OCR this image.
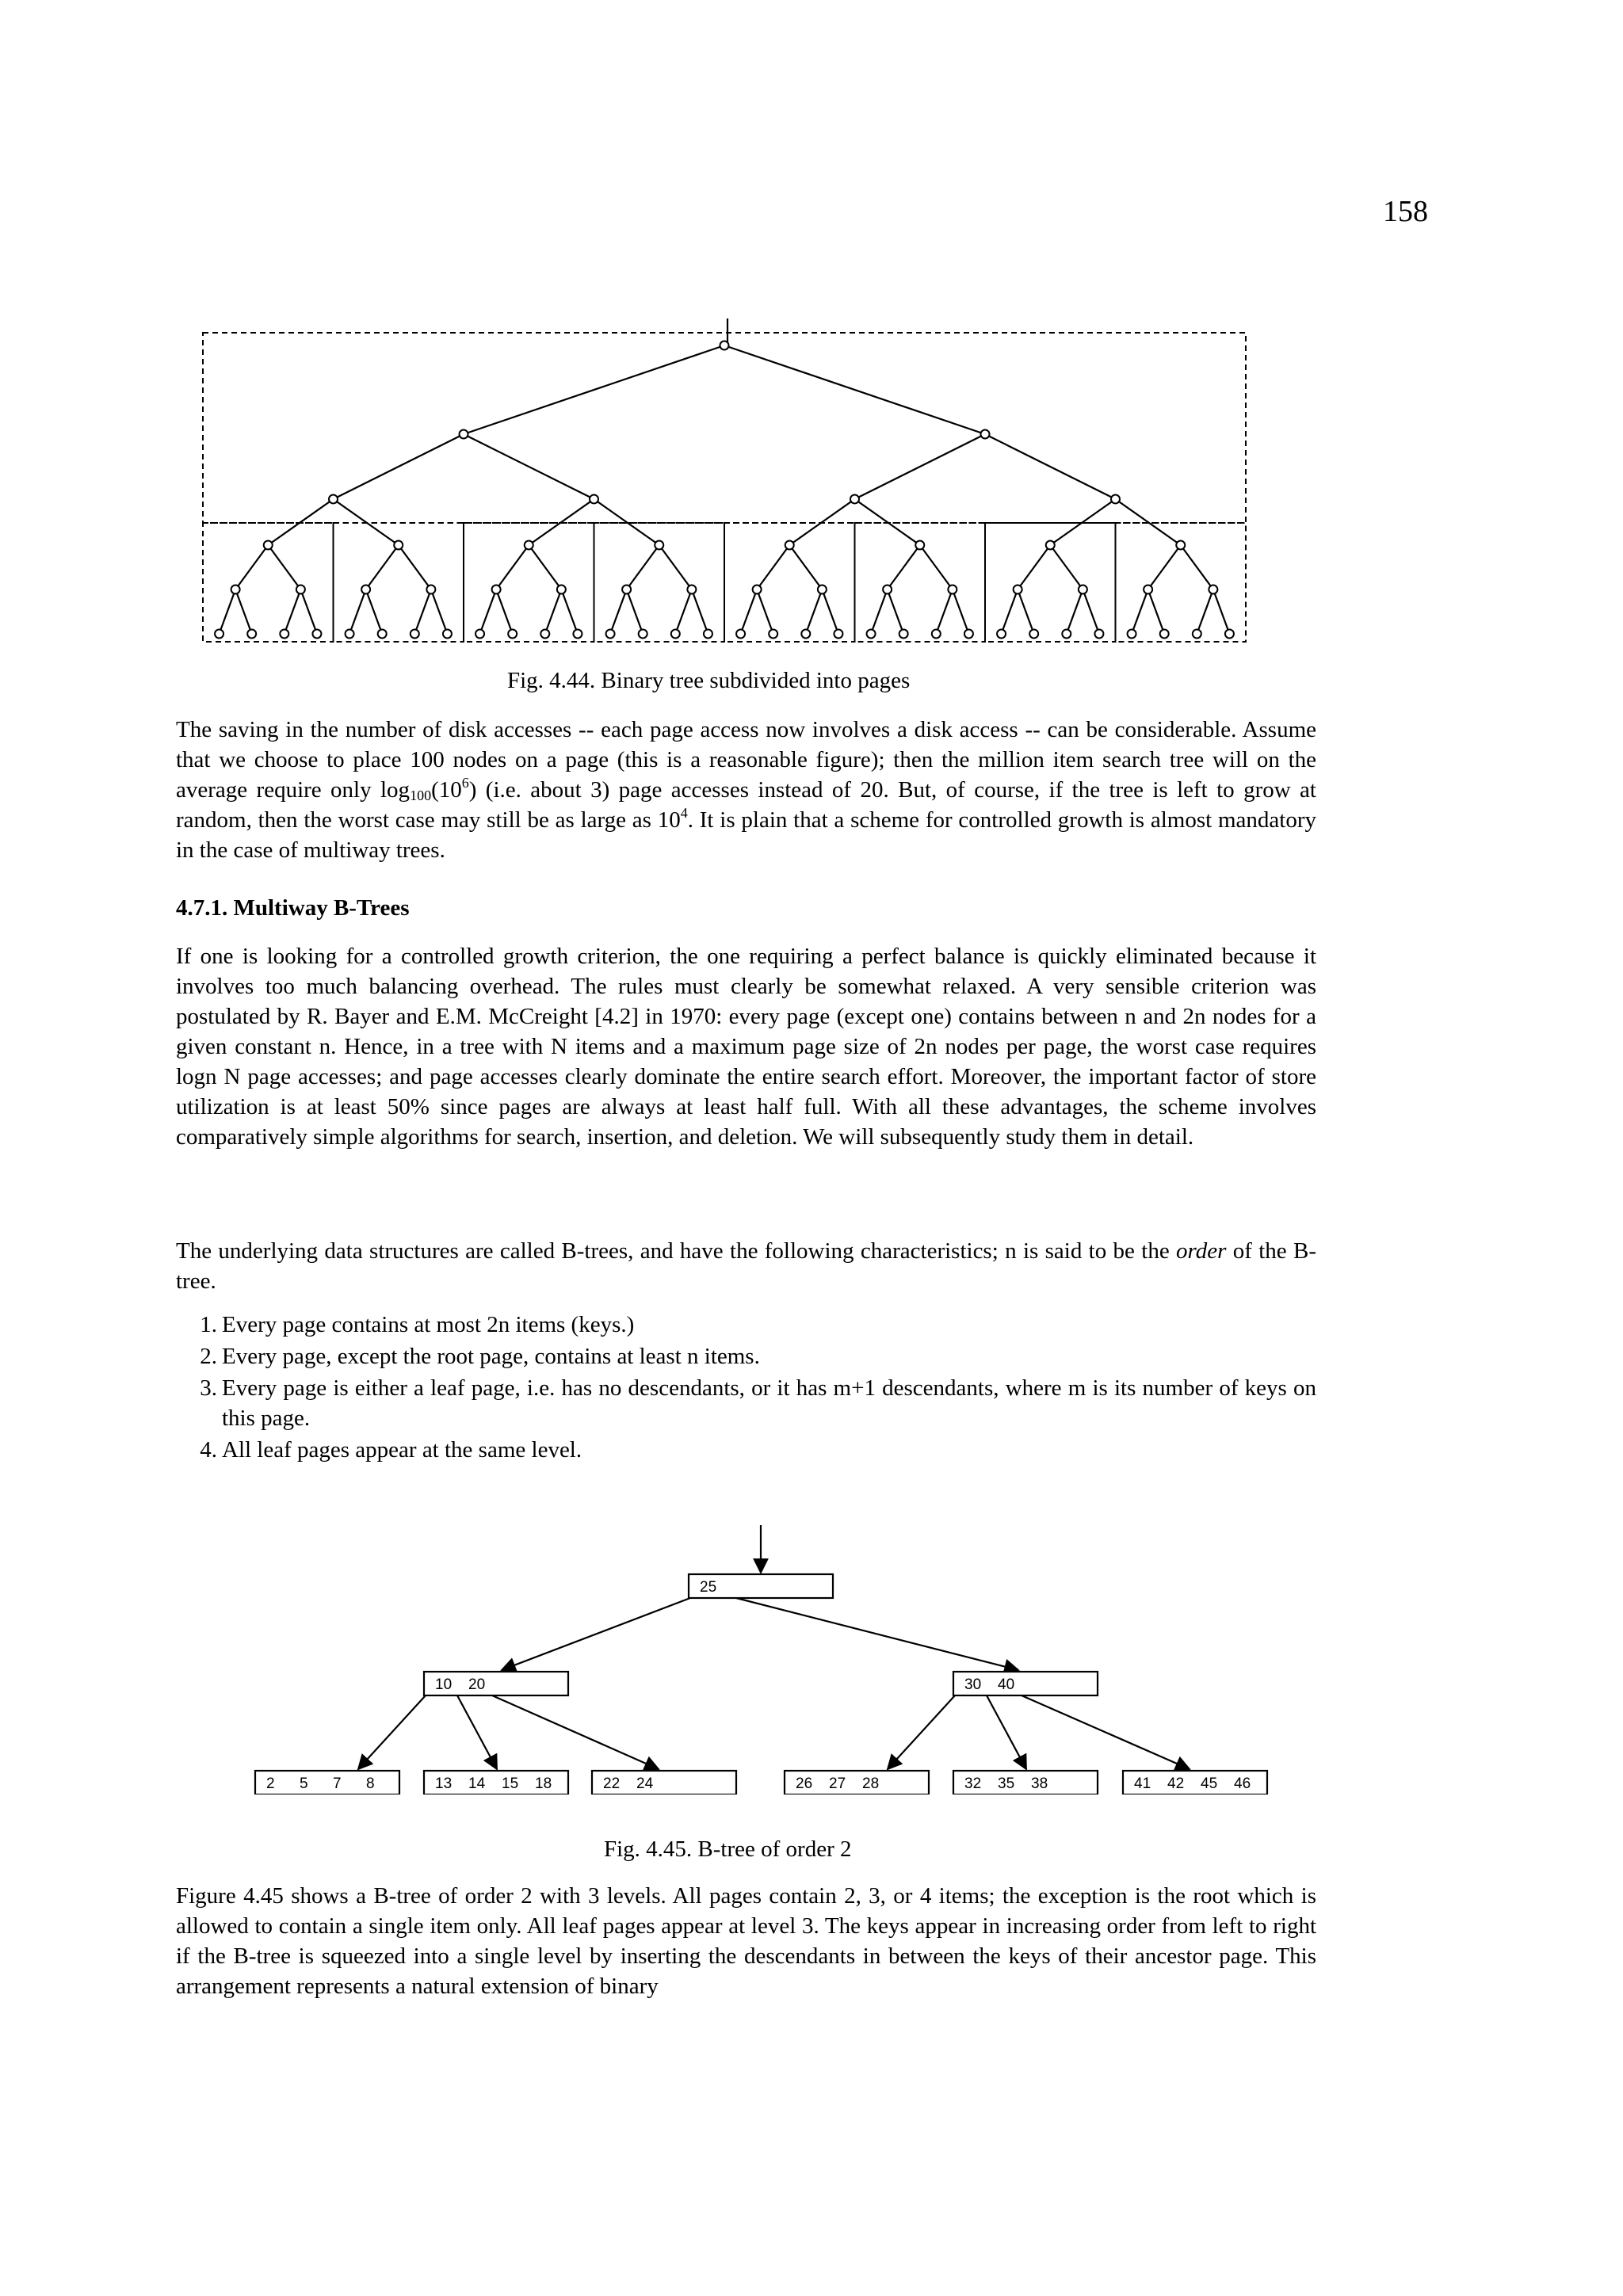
158
Fig. 4.44. Binary tree subdivided into pages

The saving in the number of disk accesses -- each page access now involves a disk access -- can be considerable. Assume that we choose to place 100 nodes on a page (this is a reasonable figure); then the million item search tree will on the average require only $\log_{100}(10^6)$ (i.e. about 3) page accesses instead of 20. But, of course, if the tree is left to grow at random, then the worst case may still be as large as $10^4$. It is plain that a scheme for controlled growth is almost mandatory in the case of multiway trees.

4.7.1. Multiway B-Trees

If one is looking for a controlled growth criterion, the one requiring a perfect balance is quickly eliminated because it involves too much balancing overhead. The rules must clearly be somewhat relaxed. A very sensible criterion was postulated by R. Bayer and E.M. McCreight [4.2] in 1970: every page (except one) contains between n and 2n nodes for a given constant n. Hence, in a tree with N items and a maximum page size of 2n nodes per page, the worst case requires logn N page accesses; and page accesses clearly dominate the entire search effort. Moreover, the important factor of store utilization is at least 50% since pages are always at least half full. With all these advantages, the scheme involves comparatively simple algorithms for search, insertion, and deletion. We will subsequently study them in detail.

The underlying data structures are called B-trees, and have the following characteristics; n is said to be the order of the B-tree.

1. Every page contains at most 2n items (keys.)
2. Every page, except the root page, contains at least n items.
3. Every page is either a leaf page, i.e. has no descendants, or it has m+1 descendants, where m is its number of keys on this page.
4. All leaf pages appear at the same level.
25
10 20	30 40
2 5 7 8	13 14 15 18	22 24	26 27 28	32 35 38	41 42 45 46
Fig. 4.45. B-tree of order 2

Figure 4.45 shows a B-tree of order 2 with 3 levels. All pages contain 2, 3, or 4 items; the exception is the root which is allowed to contain a single item only. All leaf pages appear at level 3. The keys appear in increasing order from left to right if the B-tree is squeezed into a single level by inserting the descendants in between the keys of their ancestor page. This arrangement represents a natural extension of binary
